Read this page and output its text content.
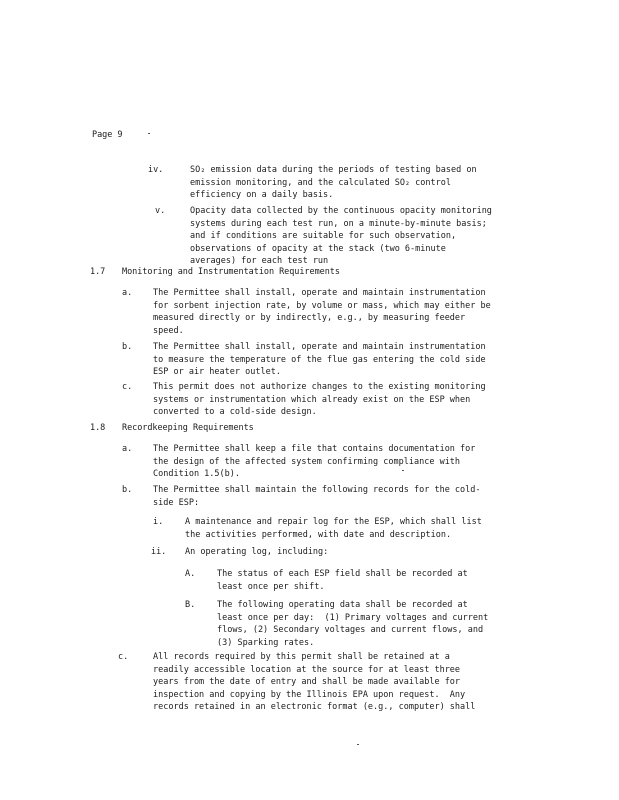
Page 9
iv.	SO₂ emission data during the periods of testing based on
emission monitoring, and the calculated SO₂ control
efficiency on a daily basis.
v.	Opacity data collected by the continuous opacity monitoring
systems during each test run, on a minute-by-minute basis;
and if conditions are suitable for such observation,
observations of opacity at the stack (two 6-minute
averages) for each test run
1.7 Monitoring and Instrumentation Requirements
a. The Permittee shall install, operate and maintain instrumentation
for sorbent injection rate, by volume or mass, which may either be
measured directly or by indirectly, e.g., by measuring feeder
speed.
b. The Permittee shall install, operate and maintain instrumentation
to measure the temperature of the flue gas entering the cold side
ESP or air heater outlet.
c. This permit does not authorize changes to the existing monitoring
systems or instrumentation which already exist on the ESP when
converted to a cold-side design.
1.8 Recordkeeping Requirements
a. The Permittee shall keep a file that contains documentation for
the design of the affected system confirming compliance with
Condition 1.5(b).
b. The Permittee shall maintain the following records for the cold-
side ESP:
i.	A maintenance and repair log for the ESP, which shall list
the activities performed, with date and description.
ii. An operating log, including:
A.	The status of each ESP field shall be recorded at
least once per shift.
B.	The following operating data shall be recorded at
least once per day:  (1) Primary voltages and current
flows, (2) Secondary voltages and current flows, and
(3) Sparking rates.
c.	All records required by this permit shall be retained at a
readily accessible location at the source for at least three
years from the date of entry and shall be made available for
inspection and copying by the Illinois EPA upon request.  Any
records retained in an electronic format (e.g., computer) shall
